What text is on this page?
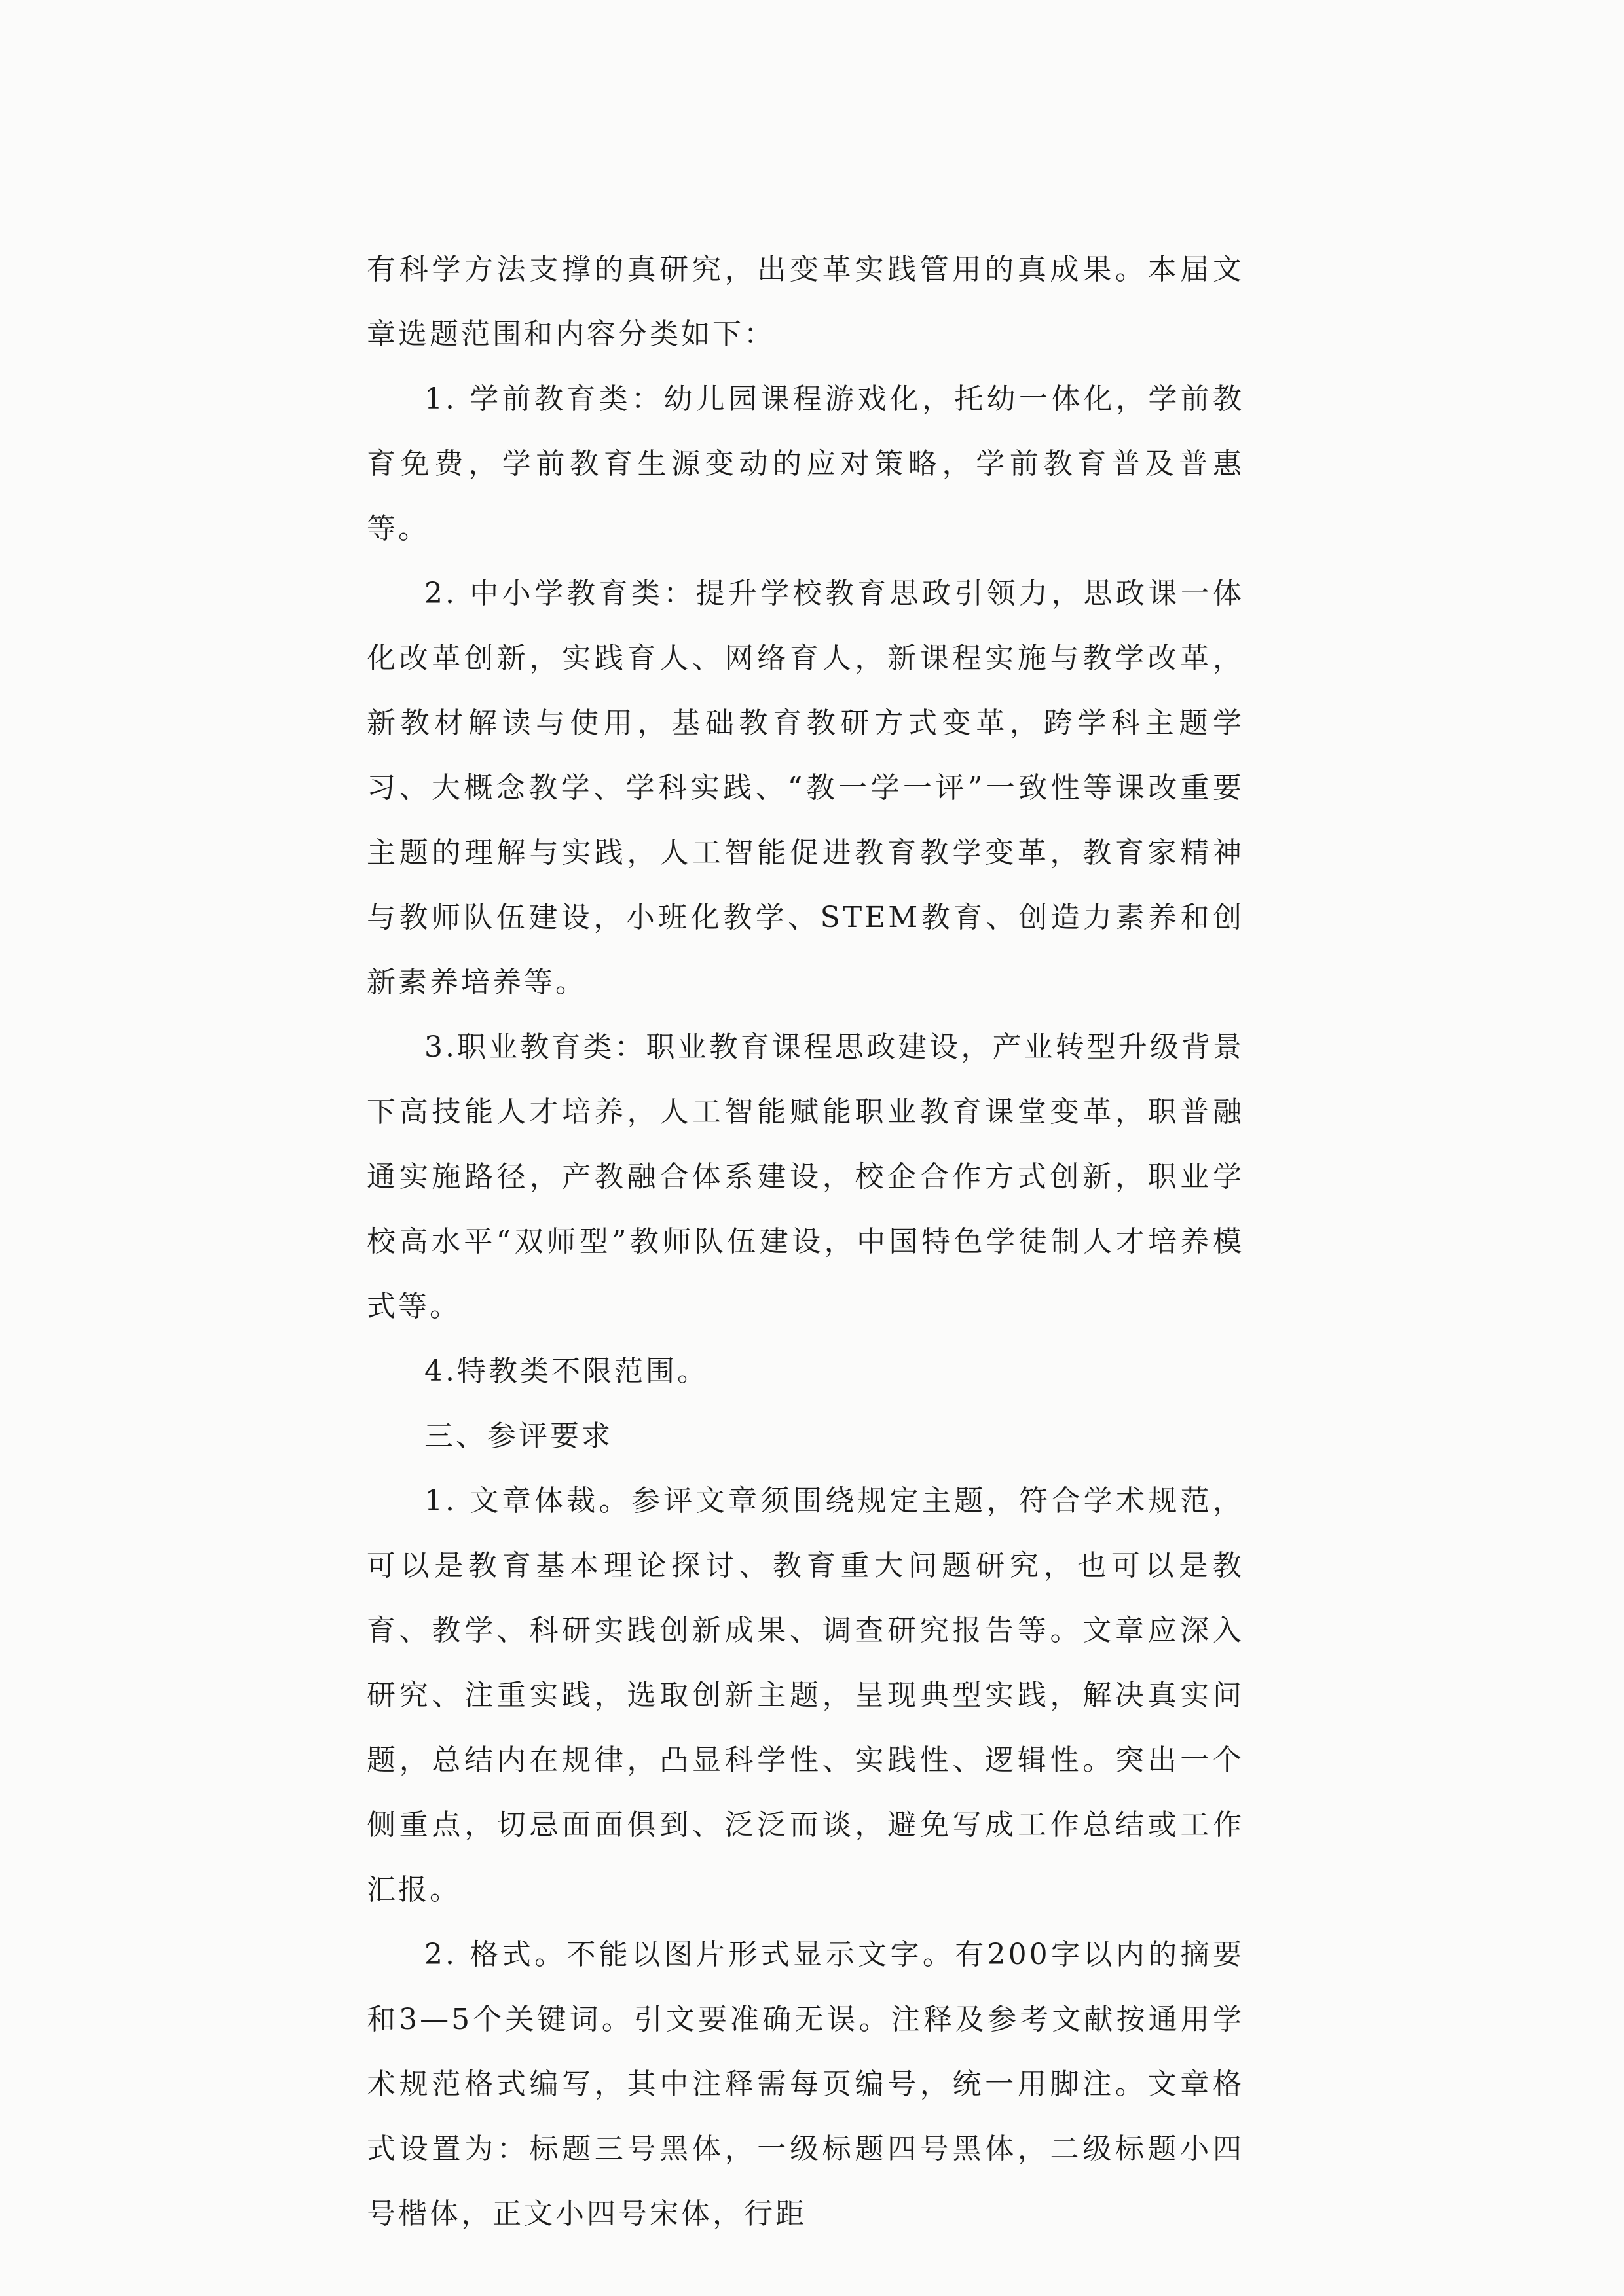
有科学方法支撑的真研究，出变革实践管用的真成果。本届文章选题范围和内容分类如下：

1. 学前教育类：幼儿园课程游戏化，托幼一体化，学前教育免费，学前教育生源变动的应对策略，学前教育普及普惠等。

2. 中小学教育类：提升学校教育思政引领力，思政课一体化改革创新，实践育人、网络育人，新课程实施与教学改革，新教材解读与使用，基础教育教研方式变革，跨学科主题学习、大概念教学、学科实践、“教一学一评”一致性等课改重要主题的理解与实践，人工智能促进教育教学变革，教育家精神与教师队伍建设，小班化教学、STEM教育、创造力素养和创新素养培养等。

3.职业教育类：职业教育课程思政建设，产业转型升级背景下高技能人才培养，人工智能赋能职业教育课堂变革，职普融通实施路径，产教融合体系建设，校企合作方式创新，职业学校高水平“双师型”教师队伍建设，中国特色学徒制人才培养模式等。

4.特教类不限范围。

三、参评要求

1. 文章体裁。参评文章须围绕规定主题，符合学术规范，可以是教育基本理论探讨、教育重大问题研究，也可以是教育、教学、科研实践创新成果、调查研究报告等。文章应深入研究、注重实践，选取创新主题，呈现典型实践，解决真实问题，总结内在规律，凸显科学性、实践性、逻辑性。突出一个侧重点，切忌面面俱到、泛泛而谈，避免写成工作总结或工作汇报。

2. 格式。不能以图片形式显示文字。有200字以内的摘要和3—5个关键词。引文要准确无误。注释及参考文献按通用学术规范格式编写，其中注释需每页编号，统一用脚注。文章格式设置为：标题三号黑体，一级标题四号黑体，二级标题小四号楷体，正文小四号宋体，行距
